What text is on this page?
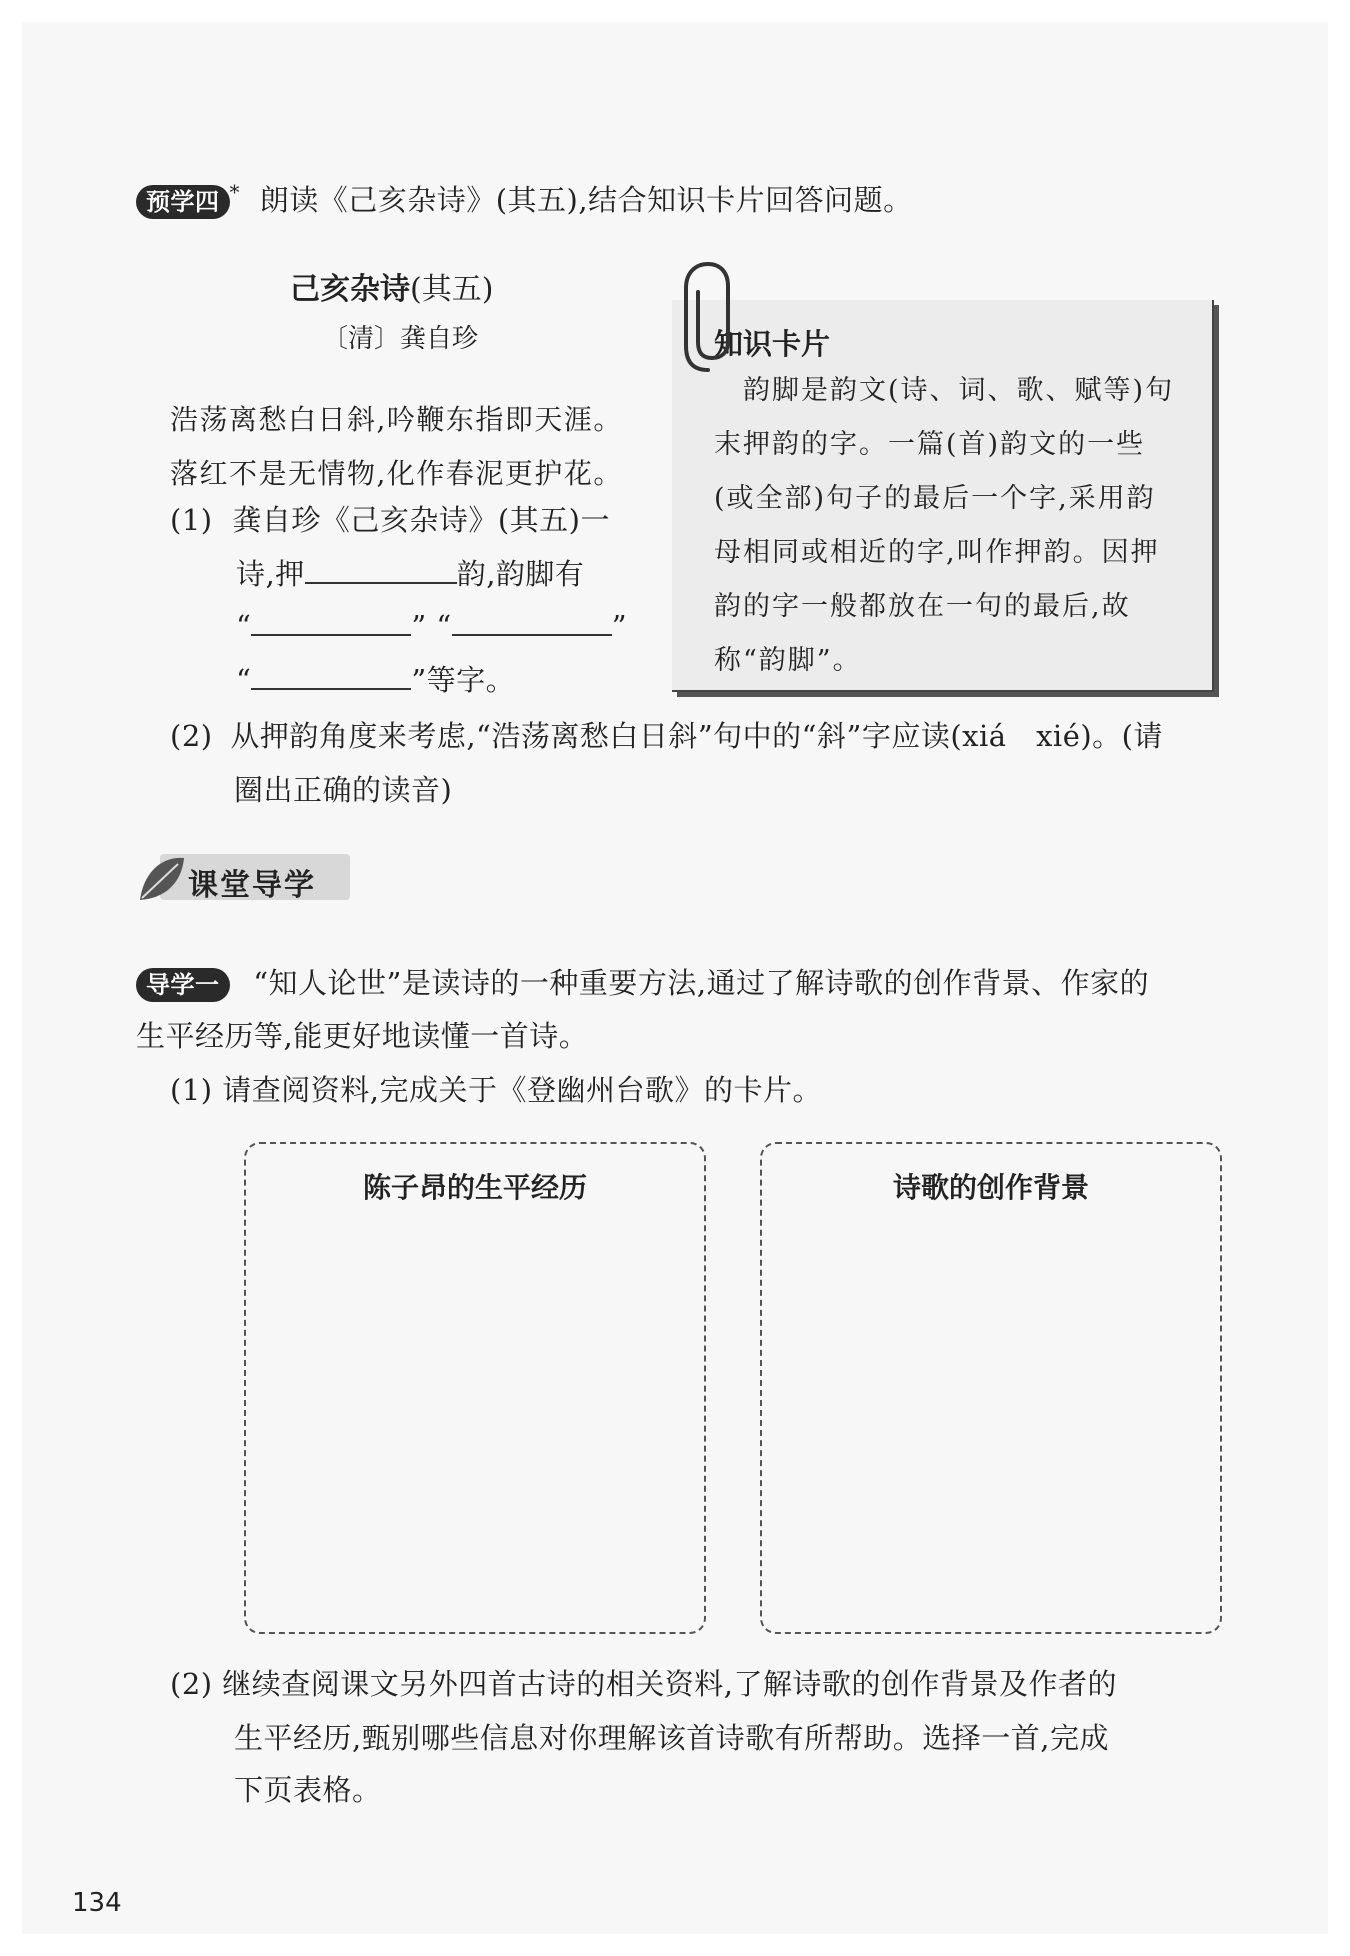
预学四 * 朗读《己亥杂诗》(其五),结合知识卡片回答问题。
己亥杂诗(其五)
〔清〕龚自珍
浩荡离愁白日斜,吟鞭东指即天涯。
落红不是无情物,化作春泥更护花。
(1) 龚自珍《己亥杂诗》(其五)一
诗,押	韵,韵脚有
“	” “	”
“	”等字。
知识卡片
　韵脚是韵文(诗、词、歌、赋等)句末押韵的字。一篇(首)韵文的一些(或全部)句子的最后一个字,采用韵母相同或相近的字,叫作押韵。因押韵的字一般都放在一句的最后,故称“韵脚”。
(2) 从押韵角度来考虑,“浩荡离愁白日斜”句中的“斜”字应读(xiá　xié)。(请
圈出正确的读音)
课堂导学
导学一 “知人论世”是读诗的一种重要方法,通过了解诗歌的创作背景、作家的
生平经历等,能更好地读懂一首诗。
(1) 请查阅资料,完成关于《登幽州台歌》的卡片。
陈子昂的生平经历	诗歌的创作背景
(2) 继续查阅课文另外四首古诗的相关资料,了解诗歌的创作背景及作者的
生平经历,甄别哪些信息对你理解该首诗歌有所帮助。选择一首,完成
下页表格。
134
